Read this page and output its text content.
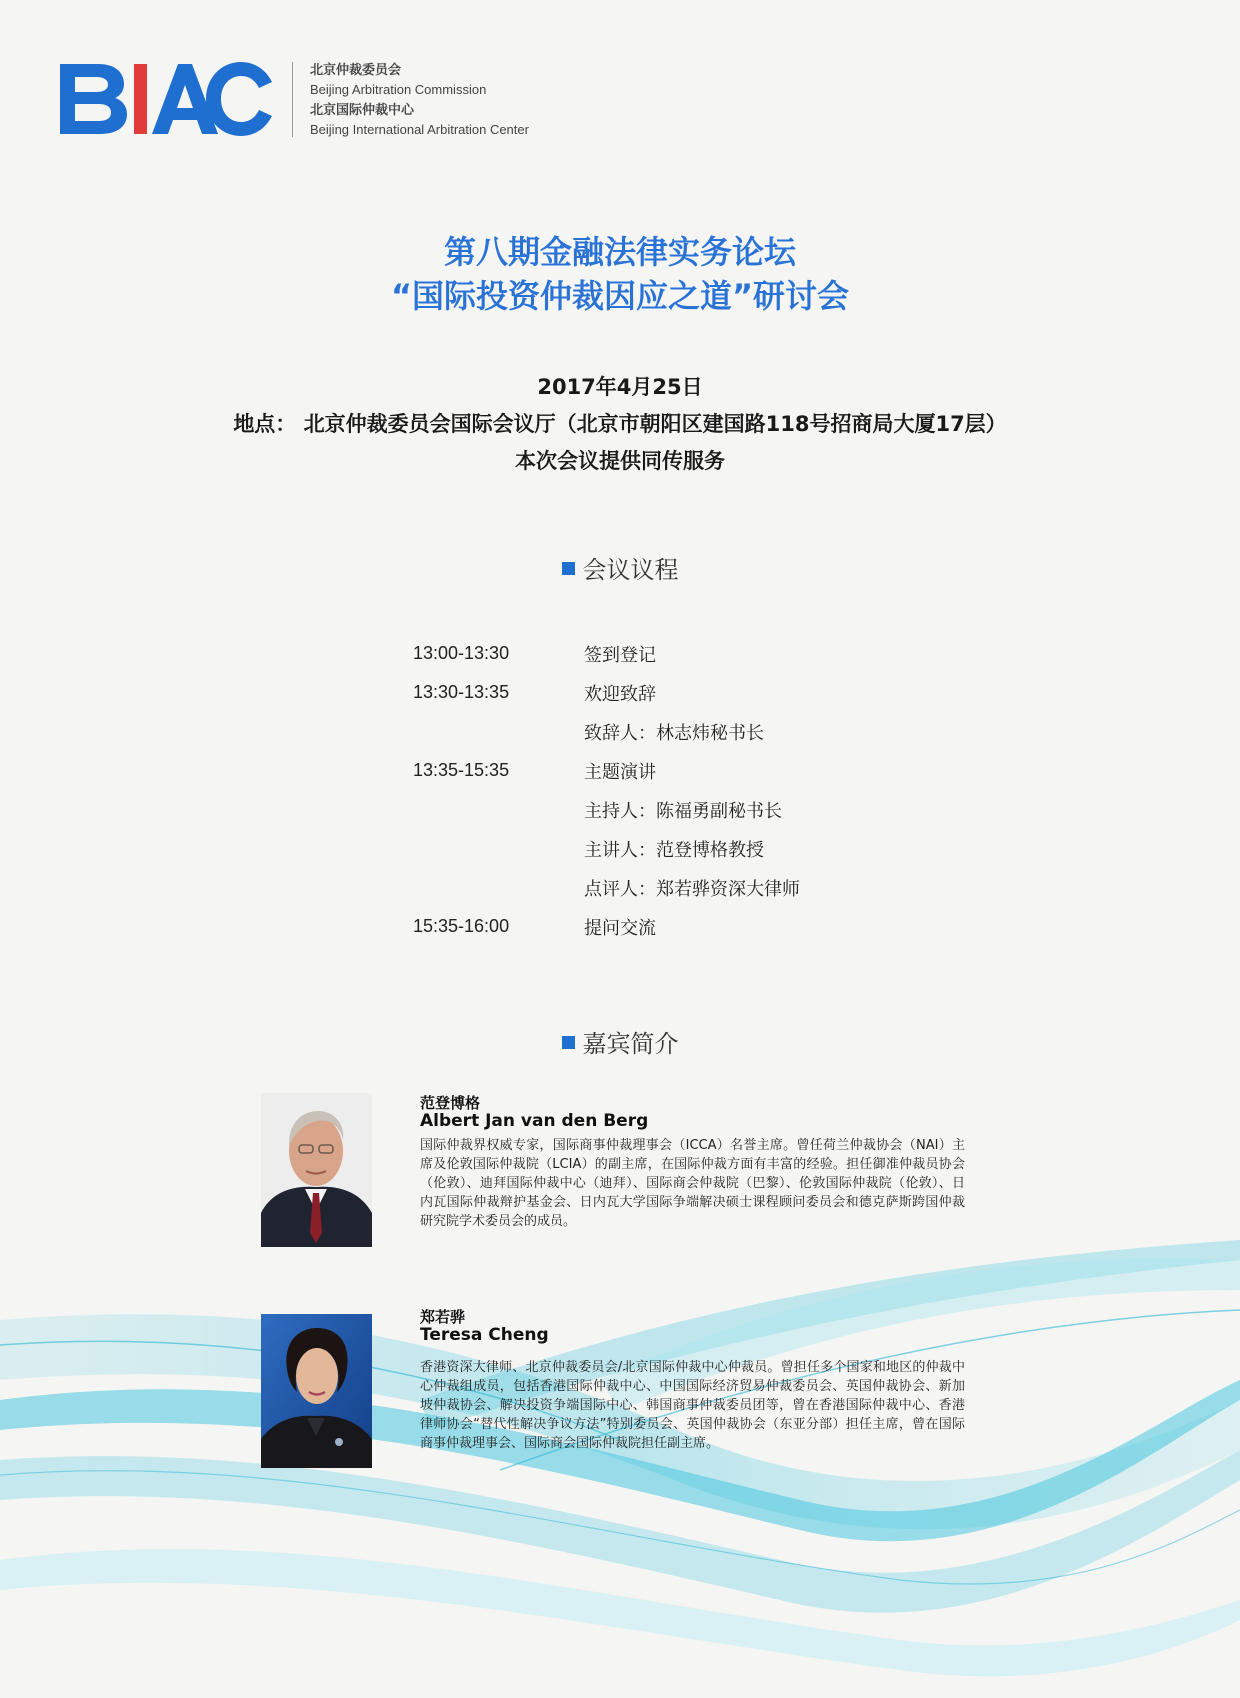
北京仲裁委员会
Beijing Arbitration Commission
北京国际仲裁中心
Beijing International Arbitration Center
第八期金融法律实务论坛
“国际投资仲裁因应之道”研讨会
2017年4月25日
地点： 北京仲裁委员会国际会议厅（北京市朝阳区建国路118号招商局大厦17层）
本次会议提供同传服务
会议议程
13:00-13:30	签到登记
13:30-13:35	欢迎致辞
致辞人：林志炜秘书长
13:35-15:35	主题演讲
主持人：陈福勇副秘书长
主讲人：范登博格教授
点评人：郑若骅资深大律师
15:35-16:00	提问交流
嘉宾简介
范登博格
Albert Jan van den Berg
国际仲裁界权威专家，国际商事仲裁理事会（ICCA）名誉主席。曾任荷兰仲裁协会（NAI）主席及伦敦国际仲裁院（LCIA）的副主席，在国际仲裁方面有丰富的经验。担任御准仲裁员协会（伦敦）、迪拜国际仲裁中心（迪拜）、国际商会仲裁院（巴黎）、伦敦国际仲裁院（伦敦）、日内瓦国际仲裁辩护基金会、日内瓦大学国际争端解决硕士课程顾问委员会和德克萨斯跨国仲裁研究院学术委员会的成员。
郑若骅
Teresa Cheng
香港资深大律师、北京仲裁委员会/北京国际仲裁中心仲裁员。曾担任多个国家和地区的仲裁中心仲裁组成员，包括香港国际仲裁中心、中国国际经济贸易仲裁委员会、英国仲裁协会、新加坡仲裁协会、解决投资争端国际中心、韩国商事仲裁委员团等，曾在香港国际仲裁中心、香港律师协会“替代性解决争议方法”特别委员会、英国仲裁协会（东亚分部）担任主席，曾在国际商事仲裁理事会、国际商会国际仲裁院担任副主席。
